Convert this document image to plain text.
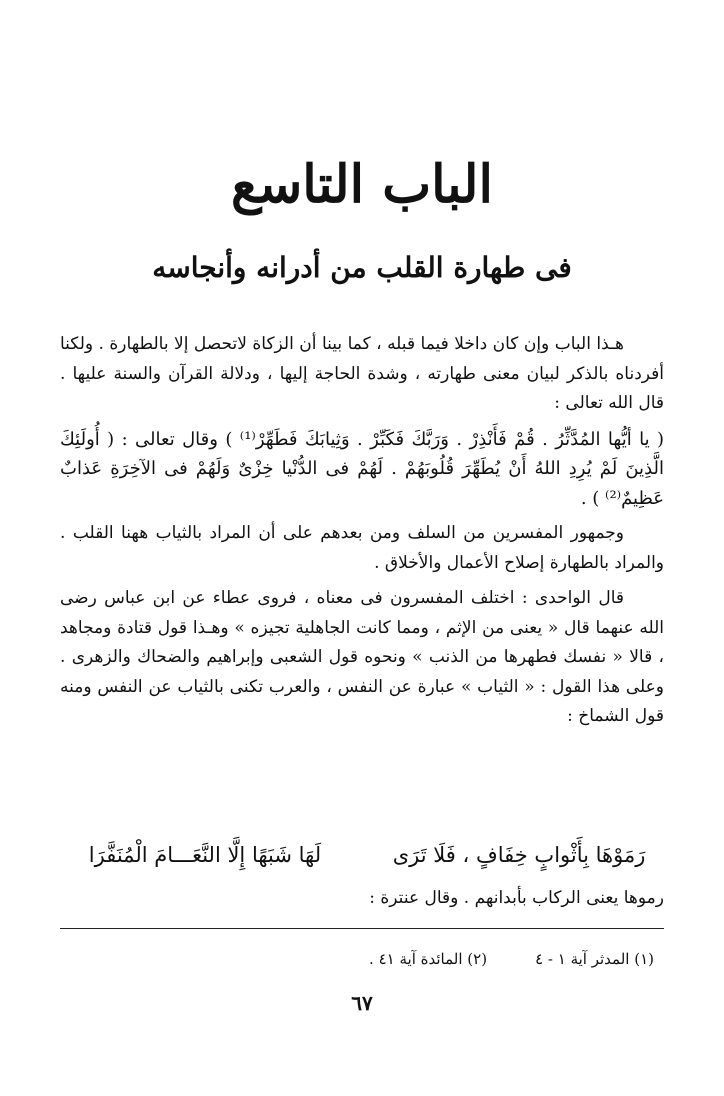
الباب التاسع
فى طهارة القلب من أدرانه وأنجاسه

هـذا الباب وإن كان داخلا فيما قبله ، كما بينا أن الزكاة لاتحصل إلا بالطهارة . ولكنا أفردناه بالذكر لبيان معنى طهارته ، وشدة الحاجة إليها ، ودلالة القرآن والسنة عليها . قال الله تعالى :

( يا أيُّها المُدَّثِّرُ . قُمْ فَأَنْذِرْ . وَرَبَّكَ فَكَبِّرْ . وَثِيابَكَ فَطَهِّرْ⁽¹⁾ ) وقال تعالى : ( أُولَئِكَ الَّذِينَ لَمْ يُرِدِ اللهُ أَنْ يُطَهِّرَ قُلُوبَهُمْ . لَهُمْ فى الدُّنْيا خِزْىٌ وَلَهُمْ فى الآخِرَةِ عَذابٌ عَظِيمٌ⁽²⁾ ) .

وجمهور المفسرين من السلف ومن بعدهم على أن المراد بالثياب ههنا القلب . والمراد بالطهارة إصلاح الأعمال والأخلاق .

قال الواحدى : اختلف المفسرون فى معناه ، فروى عطاء عن ابن عباس رضى الله عنهما قال « يعنى من الإثم ، ومما كانت الجاهلية تجيزه » وهـذا قول قتادة ومجاهد ، قالا « نفسك فطهرها من الذنب » ونحوه قول الشعبى وإبراهيم والضحاك والزهرى . وعلى هذا القول : « الثياب » عبارة عن النفس ، والعرب تكنى بالثياب عن النفس ومنه قول الشماخ :

رَمَوْهَا بِأَثْوابٍ خِفَافٍ ، فَلَا تَرَى
لَهَا شَبَهًا إِلَّا النَّعَـــامَ الْمُنَفَّرَا
رموها يعنى الركاب بأبدانهم . وقال عنترة :
(١) المدثر آية ١ - ٤
(٢) المائدة آية ٤١ .
٦٧
